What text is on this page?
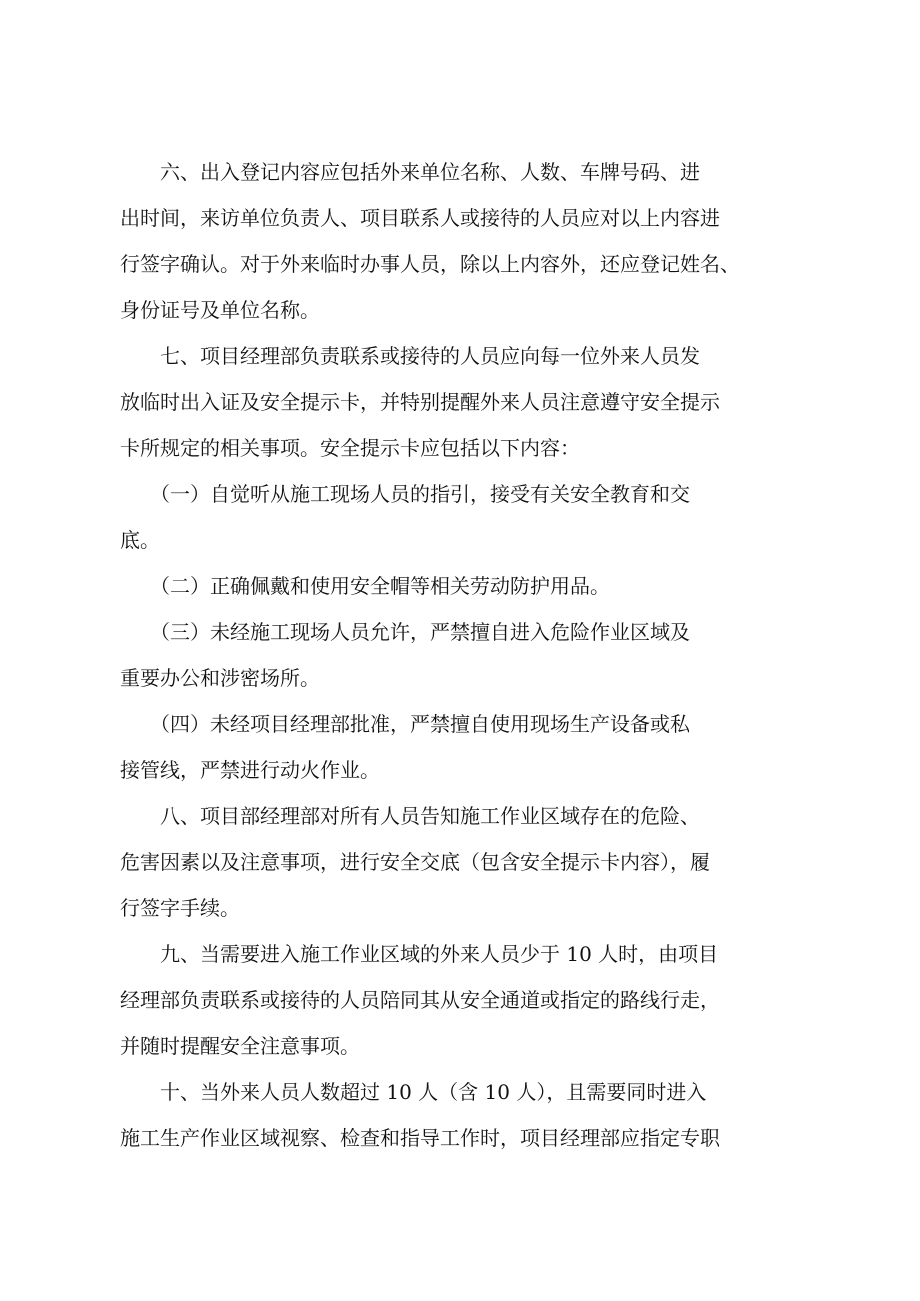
　　六、出入登记内容应包括外来单位名称、人数、车牌号码、进
出时间，来访单位负责人、项目联系人或接待的人员应对以上内容进
行签字确认。对于外来临时办事人员，除以上内容外，还应登记姓名、
身份证号及单位名称。
　　七、项目经理部负责联系或接待的人员应向每一位外来人员发
放临时出入证及安全提示卡，并特别提醒外来人员注意遵守安全提示
卡所规定的相关事项。安全提示卡应包括以下内容：
　　（一）自觉听从施工现场人员的指引，接受有关安全教育和交
底。
　　（二）正确佩戴和使用安全帽等相关劳动防护用品。
　　（三）未经施工现场人员允许，严禁擅自进入危险作业区域及
重要办公和涉密场所。
　　（四）未经项目经理部批准，严禁擅自使用现场生产设备或私
接管线，严禁进行动火作业。
　　八、项目部经理部对所有人员告知施工作业区域存在的危险、
危害因素以及注意事项，进行安全交底（包含安全提示卡内容），履
行签字手续。
　　九、当需要进入施工作业区域的外来人员少于 10 人时，由项目
经理部负责联系或接待的人员陪同其从安全通道或指定的路线行走，
并随时提醒安全注意事项。
　　十、当外来人员人数超过 10 人（含 10 人），且需要同时进入
施工生产作业区域视察、检查和指导工作时，项目经理部应指定专职
